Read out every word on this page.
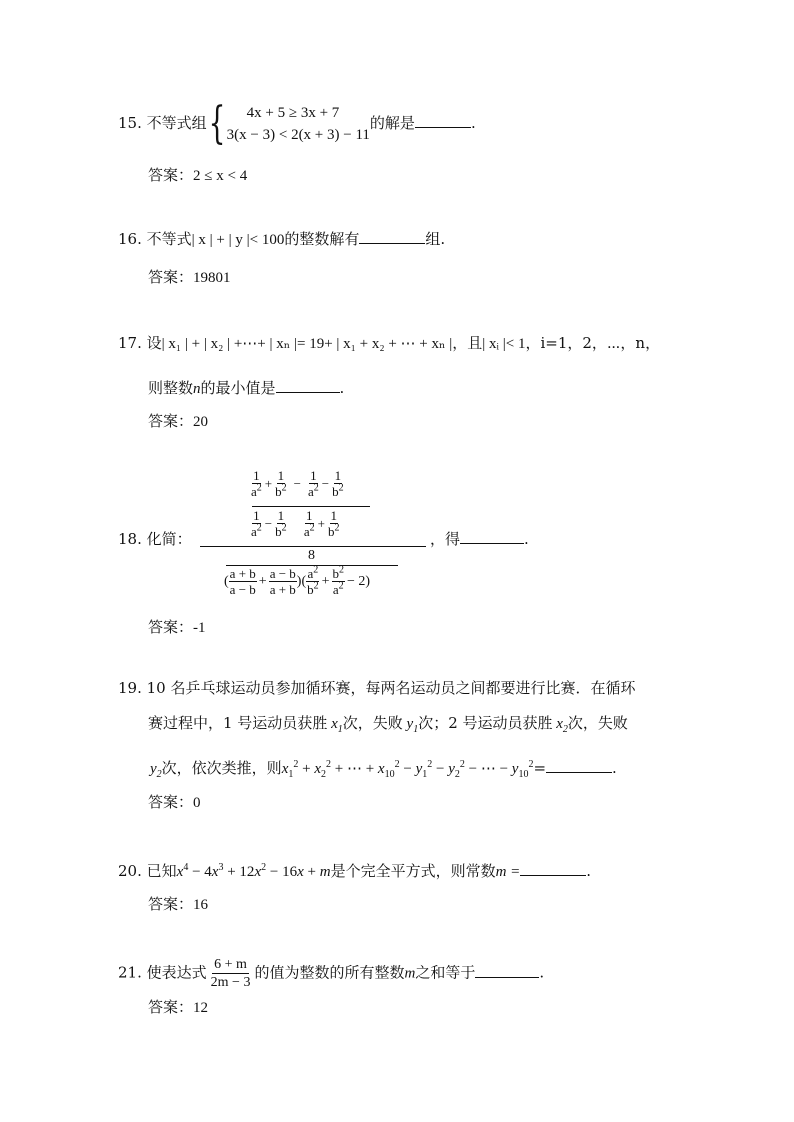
15. 不等式组 {	4x + 5 ≥ 3x + 7
3(x − 3) < 2(x + 3) − 11
的解是	.
答案：2 ≤ x < 4
16. 不等式| x | + | y |< 100的整数解有	组.
答案：19801
17. 设| x₁ | + | x₂ | +⋯+ | xₙ |= 19+ | x₁ + x₂ + ⋯ + xₙ |，且| xᵢ |< 1，i=1，2，⋯，n，
则整数n的最小值是	.
答案：20
18. 化简：
$\frac{1}{a^2} + \frac{1}{b^2} - \frac{1}{a^2} - \frac{1}{b^2}$
$\frac{1}{a^2} - \frac{1}{b^2}$
$\frac{1}{a^2} + \frac{1}{b^2}$
8
( $\frac{a + b}{a - b} + \frac{a - b}{a + b}$ )( $\frac{a^2}{b^2} + \frac{b^2}{a^2} - 2$)
，得	.
答案：-1
19. 10 名乒乓球运动员参加循环赛，每两名运动员之间都要进行比赛．在循环
赛过程中，1 号运动员获胜 $x_1$次，失败 $y_1$次；2 号运动员获胜 $x_2$次，失败
$y_2$次，依次类推，则$x_1^2 + x_2^2$ + ⋯ + $x_{10}^2 - y_1^2 - y_2^2$ − ⋯ − $y_{10}^2=$	.
答案：0
20. 已知$x^4 - 4x^3 + 12x^2 - 16x + m$是个完全平方式，则常数m =	.
答案：16
21. 使表达式 $\frac{6 + m}{2m - 3}$ 的值为整数的所有整数m之和等于	.
答案：12
